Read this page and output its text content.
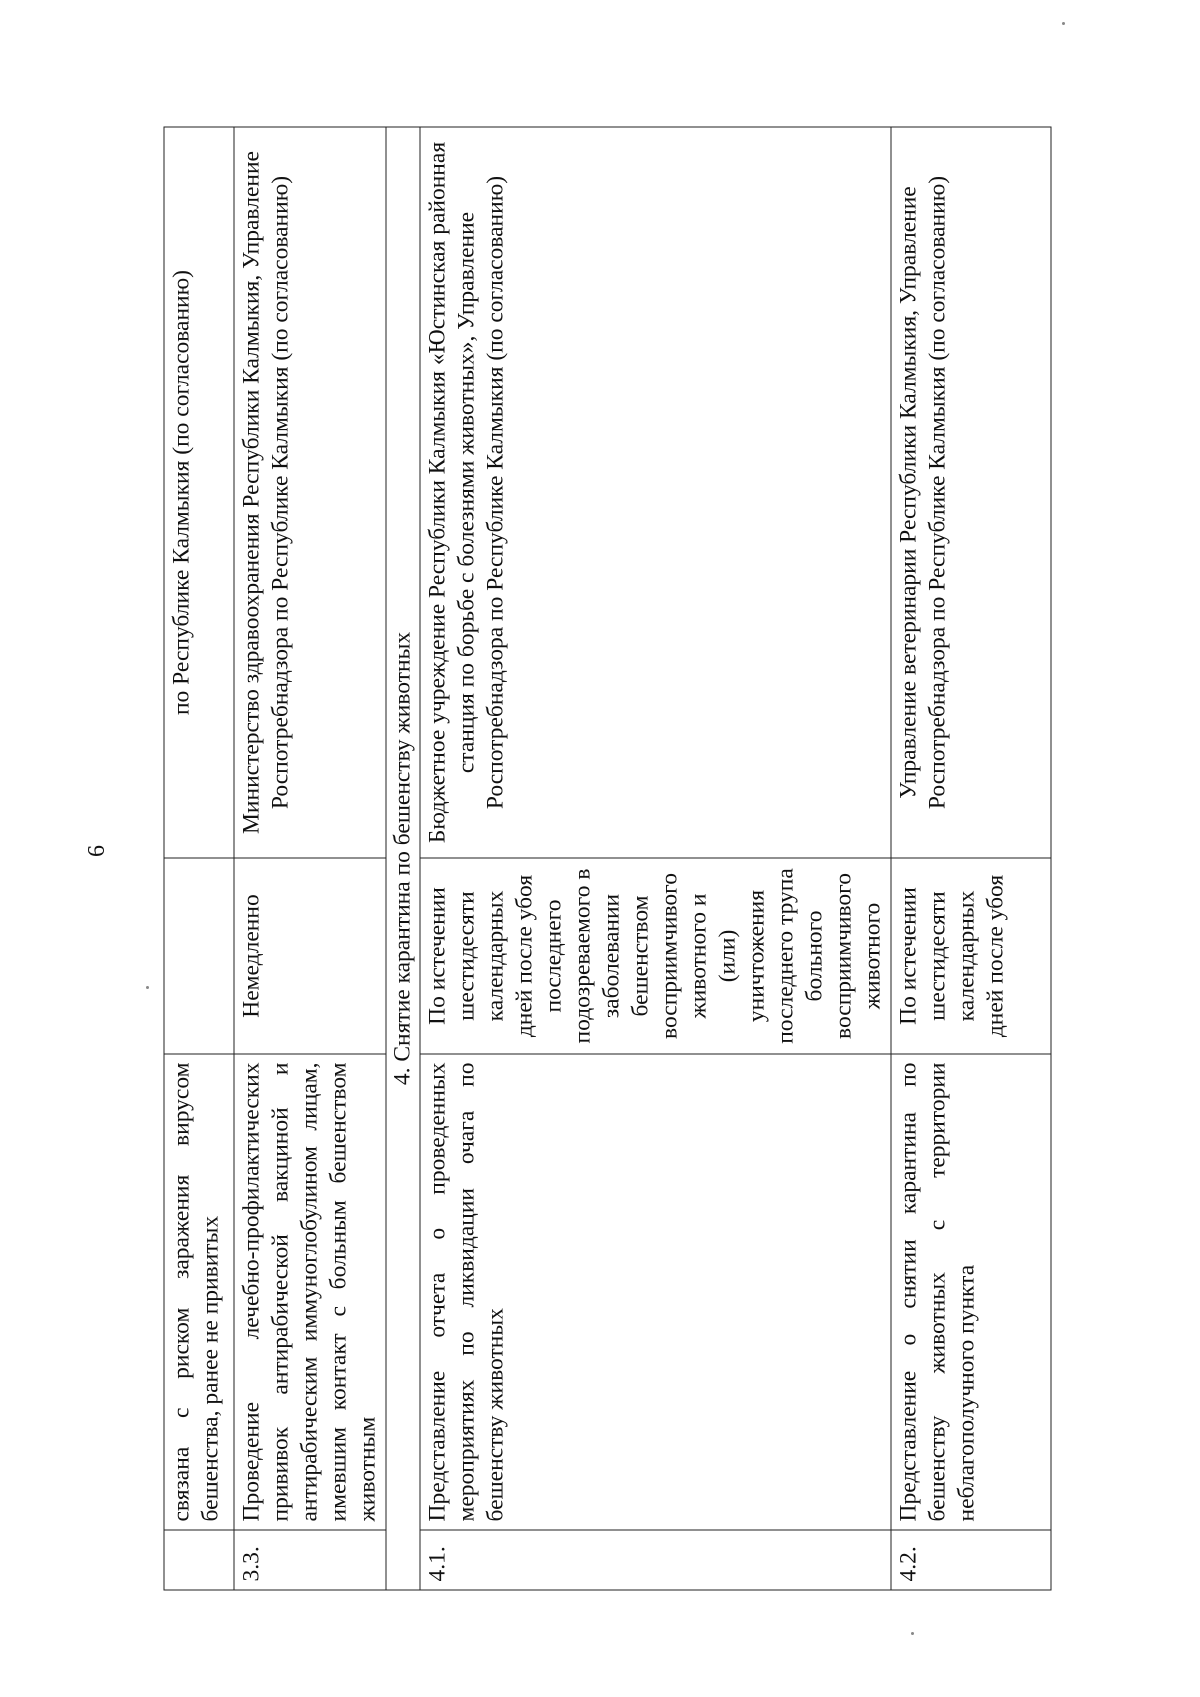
6
	связана с риском заражения вирусом бешенства, ранее не привитых		по Республике Калмыкия (по согласованию)
3.3.	Проведение лечебно-профилактических прививок антирабической вакциной и антирабическим иммуноглобулином лицам, имевшим контакт с больным бешенством животным	Немедленно	Министерство здравоохранения Республики Калмыкия, Управление Роспотребнадзора по Республике Калмыкия (по согласованию)
4. Снятие карантина по бешенству животных			
4.1.	Представление отчета о проведенных мероприятиях по ликвидации очага по бешенству животных	По истечении шестидесяти календарных дней после убоя последнего подозреваемого в заболевании бешенством восприимчивого животного и (или) уничтожения последнего трупа больного восприимчивого животного	Бюджетное учреждение Республики Калмыкия «Юстинская районная станция по борьбе с болезнями животных», Управление Роспотребнадзора по Республике Калмыкия (по согласованию)
4.2.	Представление о снятии карантина по бешенству животных с территории неблагополучного пункта	По истечении шестидесяти календарных дней после убоя	Управление ветеринарии Республики Калмыкия, Управление Роспотребнадзора по Республике Калмыкия (по согласованию)
